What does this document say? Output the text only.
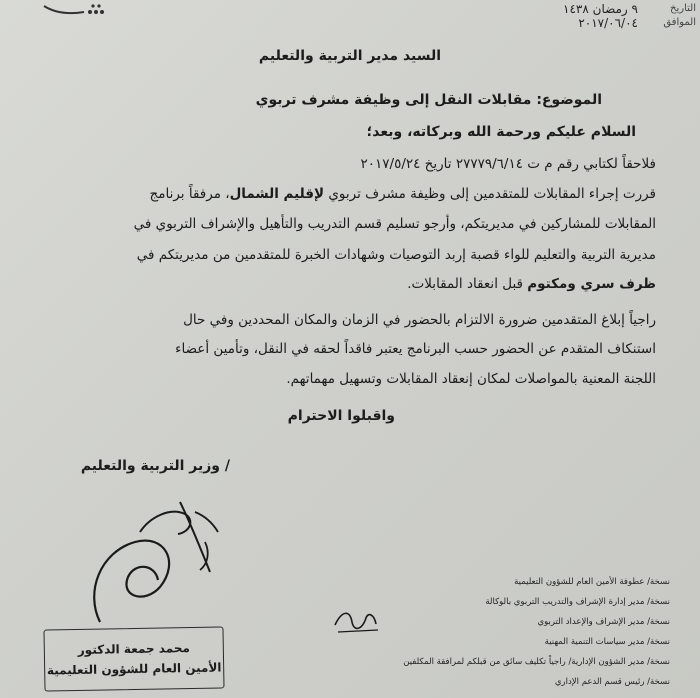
التاريخ
الموافق
٩ رمضان ١٤٣٨
٢٠١٧/٠٦/٠٤
السيد مدير التربية والتعليم
الموضوع: مقابلات النقل إلى وظيفة مشرف تربوي
السلام عليكم ورحمة الله وبركاته، وبعد؛
فلاحقاً لكتابي رقم م ت ٢٧٧٧٩/٦/١٤ تاريخ ٢٠١٧/٥/٢٤
قررت إجراء المقابلات للمتقدمين إلى وظيفة مشرف تربوي لإقليم الشمال، مرفقاً برنامج
المقابلات للمشاركين في مديريتكم، وأرجو تسليم قسم التدريب والتأهيل والإشراف التربوي في
مديرية التربية والتعليم للواء قصبة إربد التوصيات وشهادات الخبرة للمتقدمين من مديريتكم في
ظرف سري ومكتوم قبل انعقاد المقابلات.
راجياً إبلاغ المتقدمين ضرورة الالتزام بالحضور في الزمان والمكان المحددين وفي حال
استنكاف المتقدم عن الحضور حسب البرنامج يعتبر فاقداً لحقه في النقل، وتأمين أعضاء
اللجنة المعنية بالمواصلات لمكان إنعقاد المقابلات وتسهيل مهماتهم.
واقبلوا الاحترام
/ وزير التربية والتعليم
محمد جمعة الدكتور
الأمين العام للشؤون التعليمية
نسخة/ عطوفة الأمين العام للشؤون التعليمية
نسخة/ مدير إدارة الإشراف والتدريب التربوي بالوكالة
نسخة/ مدير الإشراف والإعداد التربوي
نسخة/ مدير سياسات التنمية المهنية
نسخة/ مدير الشؤون الإدارية/ راجياً تكليف سائق من قبلكم لمرافقة المكلفين
نسخة/ رئيس قسم الدعم الإداري
